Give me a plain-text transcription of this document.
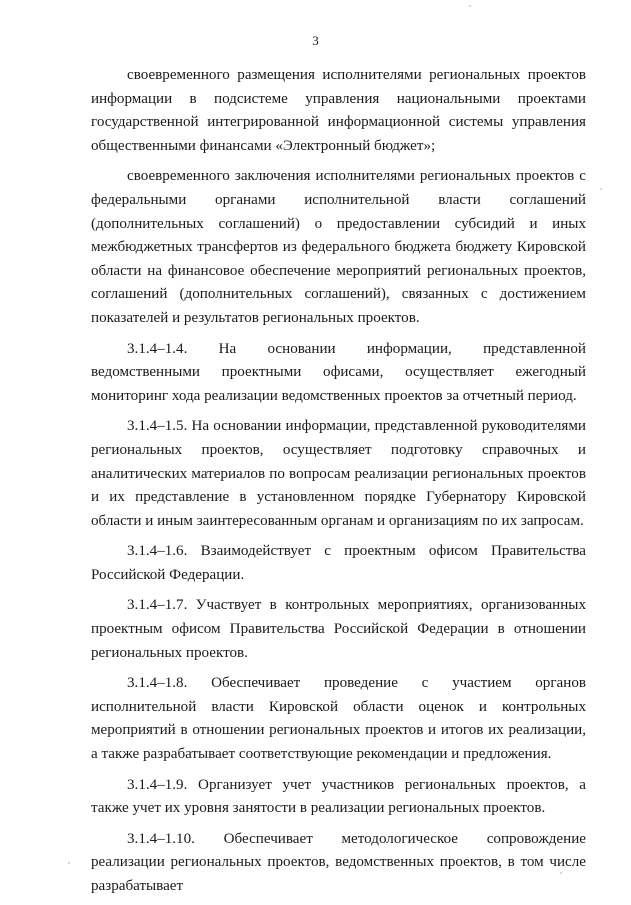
3

своевременного размещения исполнителями региональных проектов информации в подсистеме управления национальными проектами государственной интегрированной информационной системы управления общественными финансами «Электронный бюджет»;

своевременного заключения исполнителями региональных проектов с федеральными органами исполнительной власти соглашений (дополнительных соглашений) о предоставлении субсидий и иных межбюджетных трансфертов из федерального бюджета бюджету Кировской области на финансовое обеспечение мероприятий региональных проектов, соглашений (дополнительных соглашений), связанных с достижением показателей и результатов региональных проектов.

3.1.4–1.4. На основании информации, представленной ведомственными проектными офисами, осуществляет ежегодный мониторинг хода реализации ведомственных проектов за отчетный период.

3.1.4–1.5. На основании информации, представленной руководителями региональных проектов, осуществляет подготовку справочных и аналитических материалов по вопросам реализации региональных проектов и их представление в установленном порядке Губернатору Кировской области и иным заинтересованным органам и организациям по их запросам.

3.1.4–1.6. Взаимодействует с проектным офисом Правительства Российской Федерации.

3.1.4–1.7. Участвует в контрольных мероприятиях, организованных проектным офисом Правительства Российской Федерации в отношении региональных проектов.

3.1.4–1.8. Обеспечивает проведение с участием органов исполнительной власти Кировской области оценок и контрольных мероприятий в отношении региональных проектов и итогов их реализации, а также разрабатывает соответствующие рекомендации и предложения.

3.1.4–1.9. Организует учет участников региональных проектов, а также учет их уровня занятости в реализации региональных проектов.

3.1.4–1.10. Обеспечивает методологическое сопровождение реализации региональных проектов, ведомственных проектов, в том числе разрабатывает
